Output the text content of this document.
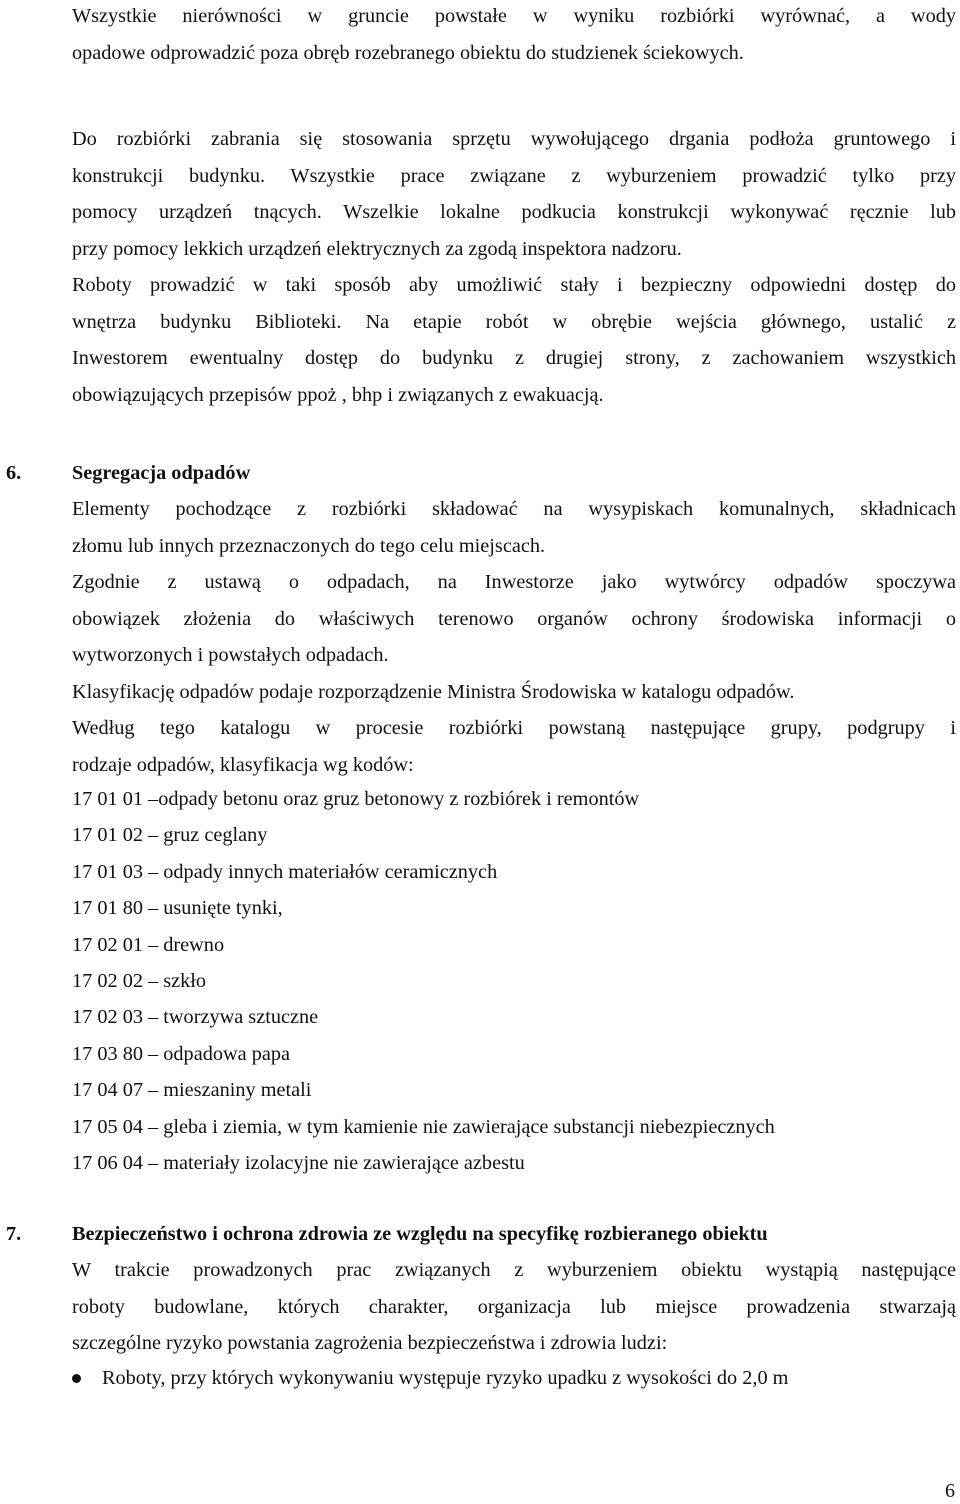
Wszystkie nierówności w gruncie powstałe w wyniku rozbiórki wyrównać, a wody
opadowe odprowadzić poza obręb rozebranego obiektu do studzienek ściekowych.
Do rozbiórki zabrania się stosowania sprzętu wywołującego drgania podłoża gruntowego i
konstrukcji budynku. Wszystkie prace związane z wyburzeniem prowadzić tylko przy
pomocy urządzeń tnących. Wszelkie lokalne podkucia konstrukcji wykonywać ręcznie lub
przy pomocy lekkich urządzeń elektrycznych za zgodą inspektora nadzoru.
Roboty prowadzić w taki sposób aby umożliwić stały i bezpieczny odpowiedni dostęp do
wnętrza budynku Biblioteki. Na etapie robót w obrębie wejścia głównego, ustalić z
Inwestorem ewentualny dostęp do budynku z drugiej strony, z zachowaniem wszystkich
obowiązujących przepisów ppoż , bhp i związanych z ewakuacją.
6.	Segregacja odpadów
Elementy pochodzące z rozbiórki składować na wysypiskach komunalnych, składnicach
złomu lub innych przeznaczonych do tego celu miejscach.
Zgodnie z ustawą o odpadach, na Inwestorze jako wytwórcy odpadów spoczywa
obowiązek złożenia do właściwych terenowo organów ochrony środowiska informacji o
wytworzonych i powstałych odpadach.
Klasyfikację odpadów podaje rozporządzenie Ministra Środowiska w katalogu odpadów.
Według tego katalogu w procesie rozbiórki powstaną następujące grupy, podgrupy i
rodzaje odpadów, klasyfikacja wg kodów:
17 01 01 –odpady betonu oraz gruz betonowy z rozbiórek i remontów
17 01 02 – gruz ceglany
17 01 03 – odpady innych materiałów ceramicznych
17 01 80 – usunięte tynki,
17 02 01 – drewno
17 02 02 – szkło
17 02 03 – tworzywa sztuczne
17 03 80 – odpadowa papa
17 04 07 – mieszaniny metali
17 05 04 – gleba i ziemia, w tym kamienie nie zawierające substancji niebezpiecznych
17 06 04 – materiały izolacyjne nie zawierające azbestu
7.	Bezpieczeństwo i ochrona zdrowia ze względu na specyfikę rozbieranego obiektu
W trakcie prowadzonych prac związanych z wyburzeniem obiektu wystąpią następujące
roboty budowlane, których charakter, organizacja lub miejsce prowadzenia stwarzają
szczególne ryzyko powstania zagrożenia bezpieczeństwa i zdrowia ludzi:
Roboty, przy których wykonywaniu występuje ryzyko upadku z wysokości do 2,0 m
6
